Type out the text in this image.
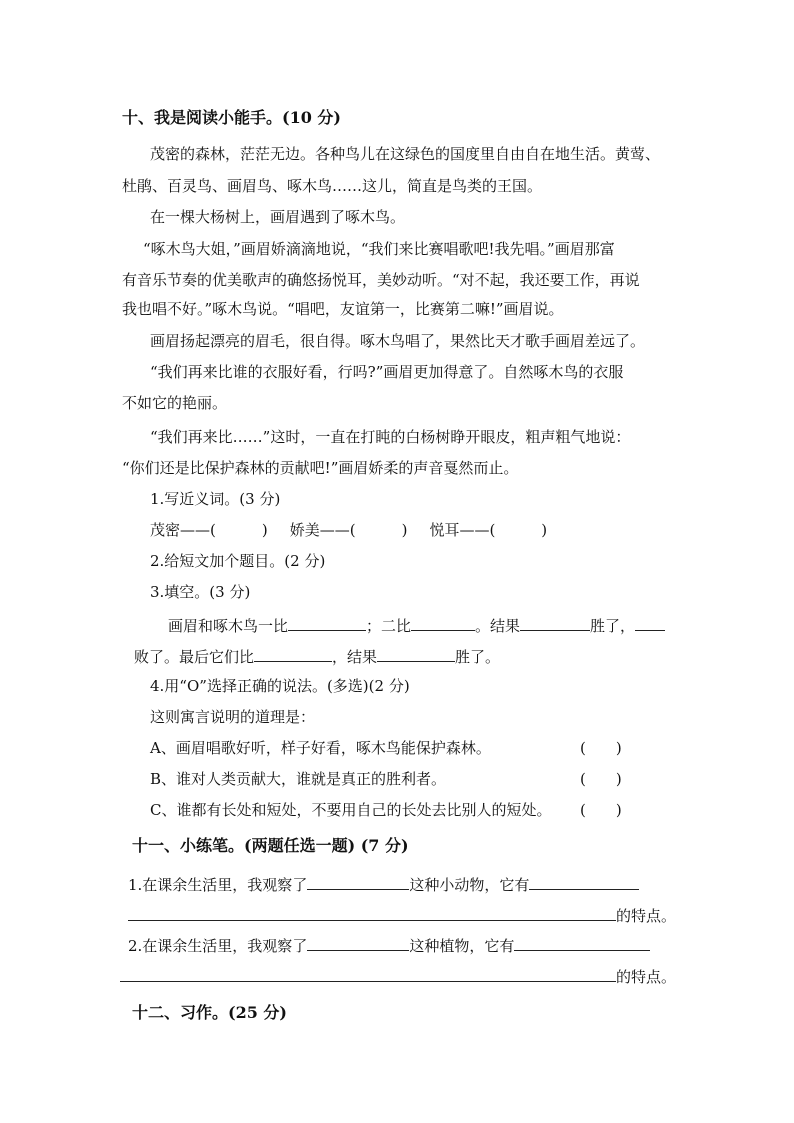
十、我是阅读小能手。(10 分)
茂密的森林，茫茫无边。各种鸟儿在这绿色的国度里自由自在地生活。黄莺、
杜鹃、百灵鸟、画眉鸟、啄木鸟……这儿，简直是鸟类的王国。
在一棵大杨树上，画眉遇到了啄木鸟。
“啄木鸟大姐，”画眉娇滴滴地说，“我们来比赛唱歌吧!我先唱。”画眉那富
有音乐节奏的优美歌声的确悠扬悦耳，美妙动听。“对不起，我还要工作，再说
我也唱不好。”啄木鸟说。“唱吧，友谊第一，比赛第二嘛!”画眉说。
画眉扬起漂亮的眉毛，很自得。啄木鸟唱了，果然比天才歌手画眉差远了。
“我们再来比谁的衣服好看，行吗?”画眉更加得意了。自然啄木鸟的衣服
不如它的艳丽。
“我们再来比……”这时，一直在打盹的白杨树睁开眼皮，粗声粗气地说：
“你们还是比保护森林的贡献吧!”画眉娇柔的声音戛然而止。
1.写近义词。(3 分)
茂密——(	) 娇美——(	) 悦耳——(	)
2.给短文加个题目。(2 分)
3.填空。(3 分)
画眉和啄木鸟一比	；二比	。结果	胜了，
败了。最后它们比	，结果	胜了。
4.用“O”选择正确的说法。(多选)(2 分)
这则寓言说明的道理是：
A、画眉唱歌好听，样子好看，啄木鸟能保护森林。	(　　)
B、谁对人类贡献大，谁就是真正的胜利者。	(　　)
C、谁都有长处和短处，不要用自己的长处去比别人的短处。 (　　)
十一、小练笔。(两题任选一题) (7 分)
1.在课余生活里，我观察了	这种小动物，它有
的特点。
2.在课余生活里，我观察了	这种植物，它有
的特点。
十二、习作。(25 分)
